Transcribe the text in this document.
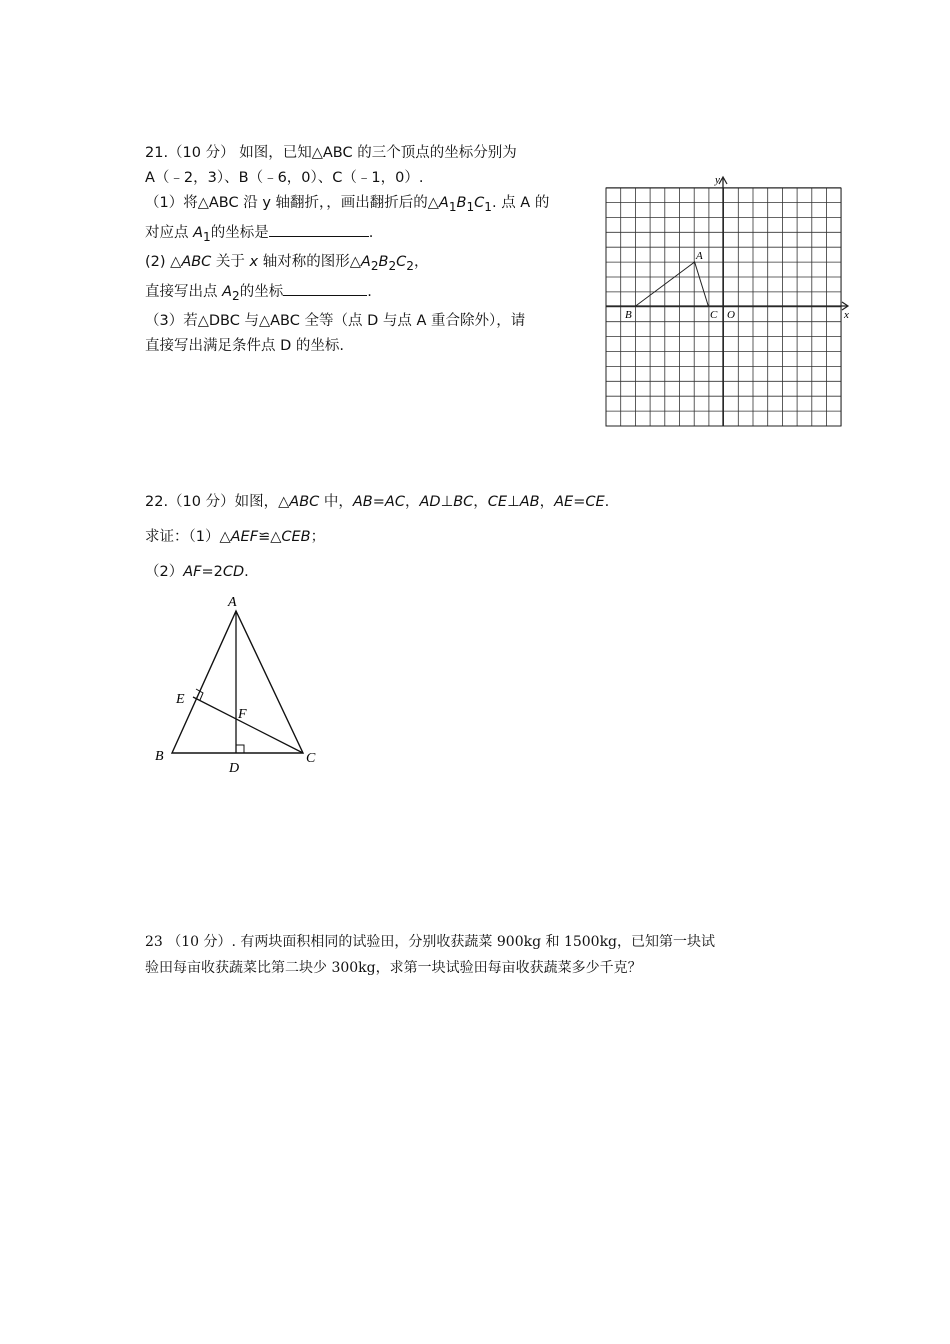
21.（10 分） 如图，已知△ABC 的三个顶点的坐标分别为
A（﹣2，3）、B（﹣6，0）、C（﹣1，0）.
（1）将△ABC 沿 y 轴翻折，，画出翻折后的$\triangle A_1B_1C_1$. 点 A 的
对应点 $A_1$的坐标是	.
(2) △ABC 关于 x 轴对称的图形$\triangle A_2B_2C_2$，
直接写出点 $A_2$的坐标	.
（3）若△DBC 与△ABC 全等（点 D 与点 A 重合除外），请
直接写出满足条件点 D 的坐标.
y
x
A
B	C O
22.（10 分）如图，△ABC 中，AB=AC，AD⊥BC，CE⊥AB，AE=CE.
求证：（1）△AEF≌△CEB；
（2）AF=2CD.
A
B	C
D
E
F
23 （10 分）. 有两块面积相同的试验田，分别收获蔬菜 900kg 和 1500kg，已知第一块试
验田每亩收获蔬菜比第二块少 300kg，求第一块试验田每亩收获蔬菜多少千克？
